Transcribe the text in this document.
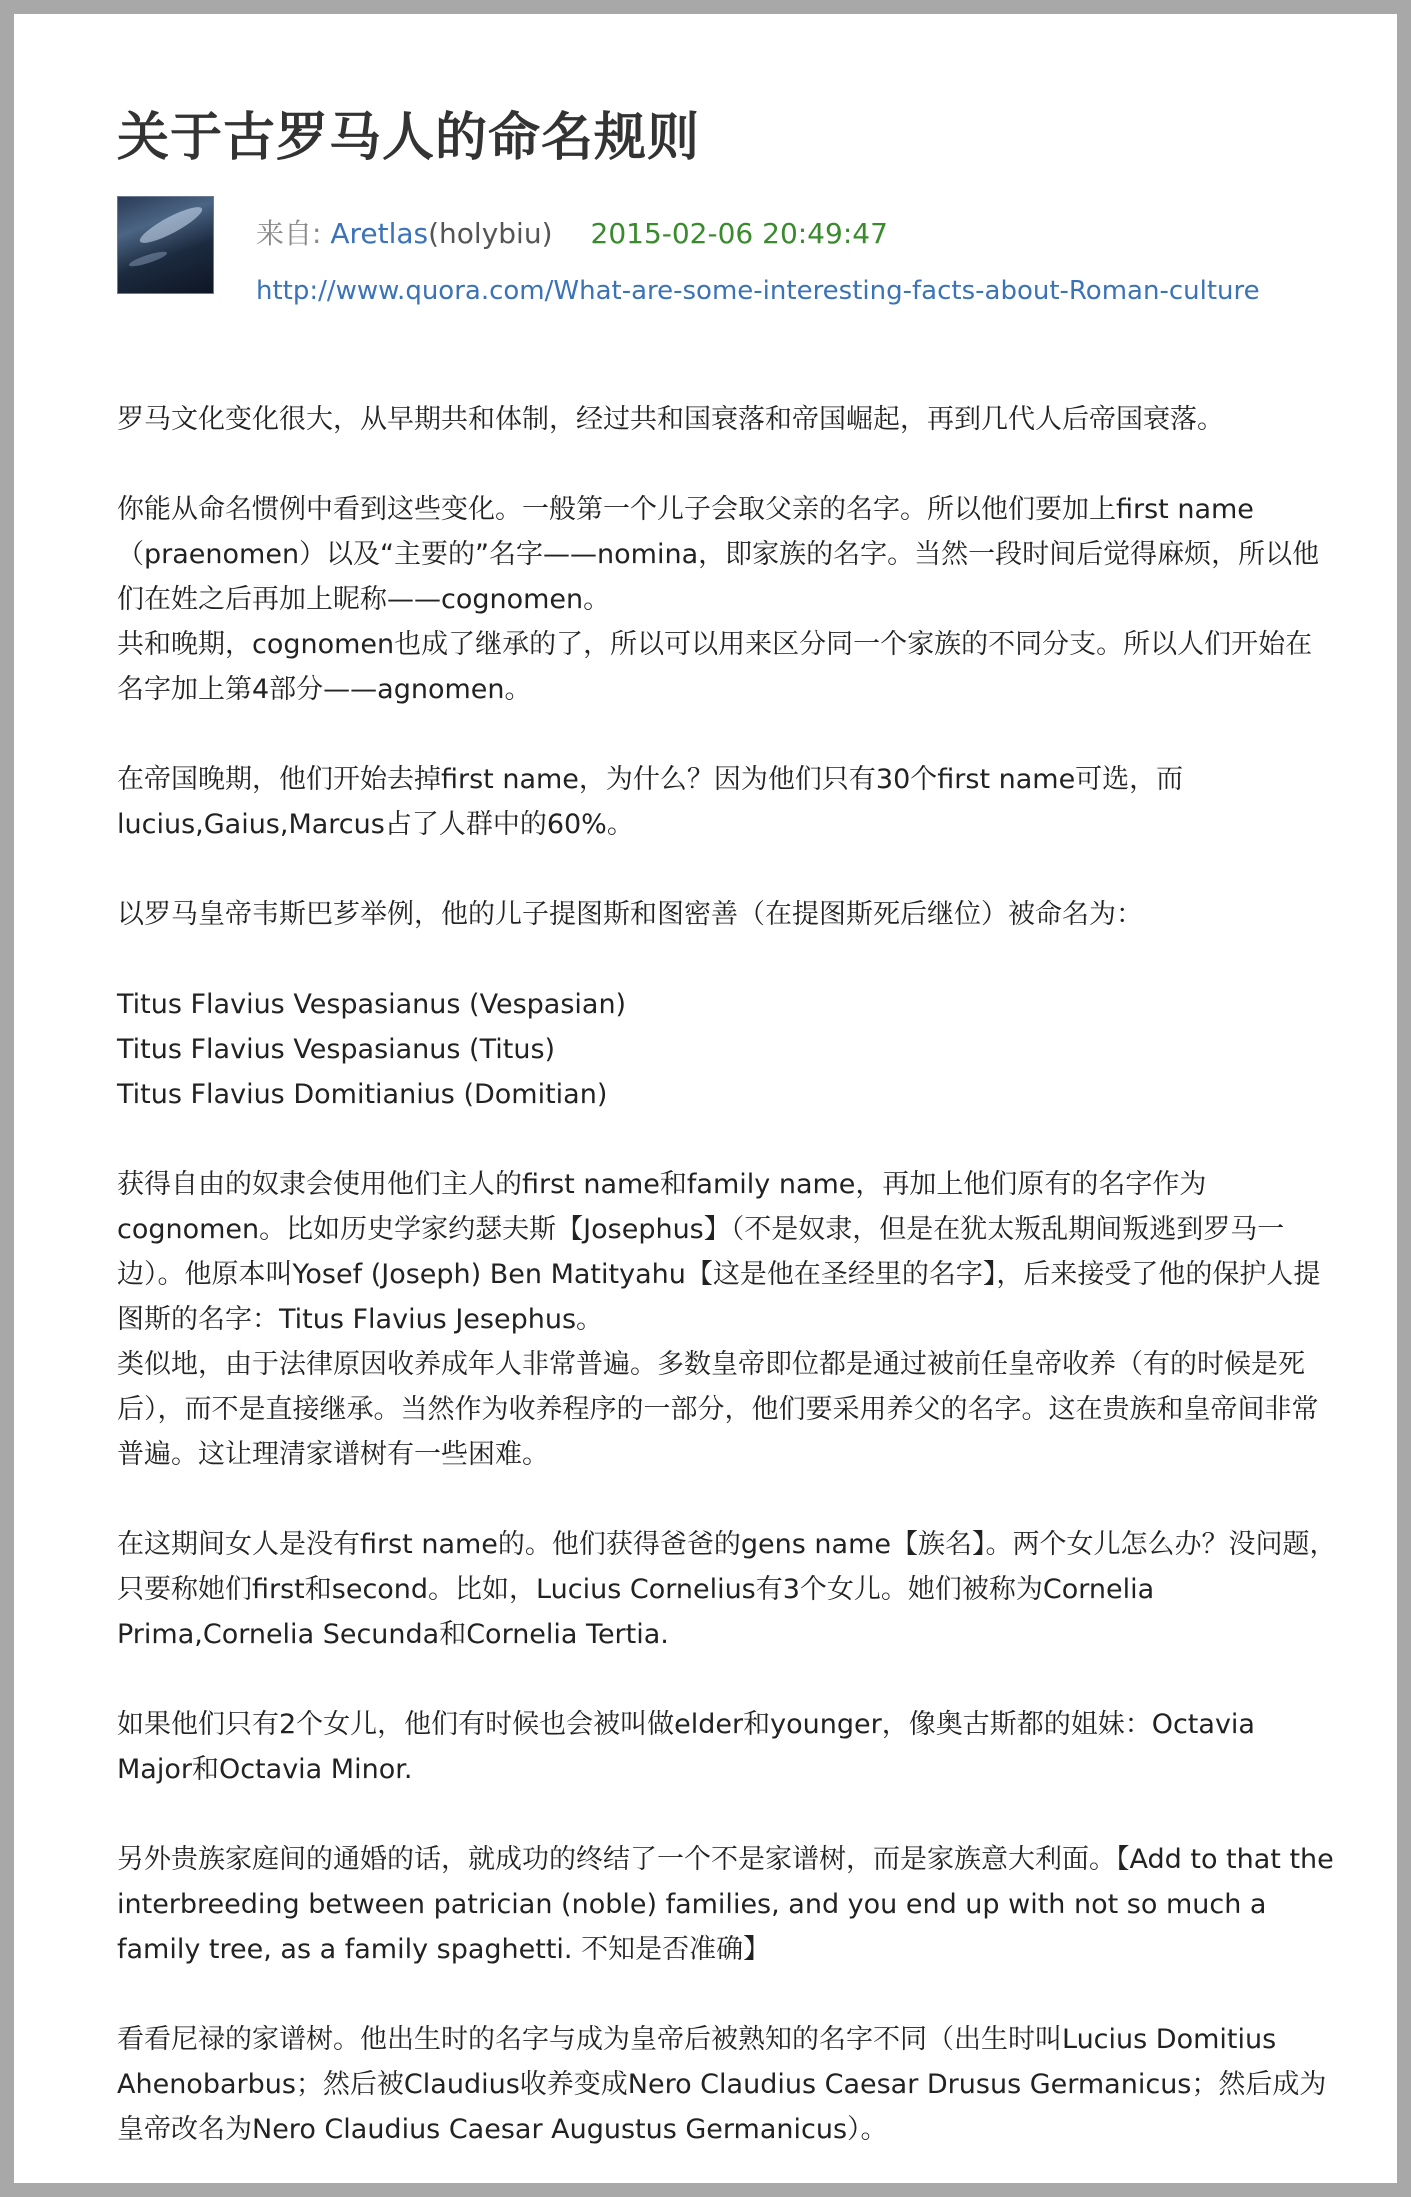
关于古罗马人的命名规则
来自: Aretlas(holybiu) 2015-02-06 20:49:47
http://www.quora.com/What-are-some-interesting-facts-about-Roman-culture

罗马文化变化很大，从早期共和体制，经过共和国衰落和帝国崛起，再到几代人后帝国衰落。

你能从命名惯例中看到这些变化。一般第一个儿子会取父亲的名字。所以他们要加上first name（praenomen）以及“主要的”名字——nomina，即家族的名字。当然一段时间后觉得麻烦，所以他们在姓之后再加上昵称——cognomen。

共和晚期，cognomen也成了继承的了，所以可以用来区分同一个家族的不同分支。所以人们开始在名字加上第4部分——agnomen。

在帝国晚期，他们开始去掉first name，为什么？因为他们只有30个first name可选，而lucius,Gaius,Marcus占了人群中的60%。

以罗马皇帝韦斯巴芗举例，他的儿子提图斯和图密善（在提图斯死后继位）被命名为：

Titus Flavius Vespasianus (Vespasian)
Titus Flavius Vespasianus (Titus)
Titus Flavius Domitianius (Domitian)

获得自由的奴隶会使用他们主人的first name和family name，再加上他们原有的名字作为cognomen。比如历史学家约瑟夫斯【Josephus】（不是奴隶，但是在犹太叛乱期间叛逃到罗马一边）。他原本叫Yosef (Joseph) Ben Matityahu【这是他在圣经里的名字】，后来接受了他的保护人提图斯的名字：Titus Flavius Jesephus。

类似地，由于法律原因收养成年人非常普遍。多数皇帝即位都是通过被前任皇帝收养（有的时候是死后），而不是直接继承。当然作为收养程序的一部分，他们要采用养父的名字。这在贵族和皇帝间非常普遍。这让理清家谱树有一些困难。

在这期间女人是没有first name的。他们获得爸爸的gens name【族名】。两个女儿怎么办？没问题，只要称她们first和second。比如，Lucius Cornelius有3个女儿。她们被称为Cornelia Prima,Cornelia Secunda和Cornelia Tertia.

如果他们只有2个女儿，他们有时候也会被叫做elder和younger，像奥古斯都的姐妹：Octavia Major和Octavia Minor.

另外贵族家庭间的通婚的话，就成功的终结了一个不是家谱树，而是家族意大利面。【Add to that the interbreeding between patrician (noble) families, and you end up with not so much a family tree, as a family spaghetti. 不知是否准确】

看看尼禄的家谱树。他出生时的名字与成为皇帝后被熟知的名字不同（出生时叫Lucius Domitius Ahenobarbus；然后被Claudius收养变成Nero Claudius Caesar Drusus Germanicus；然后成为皇帝改名为Nero Claudius Caesar Augustus Germanicus）。
